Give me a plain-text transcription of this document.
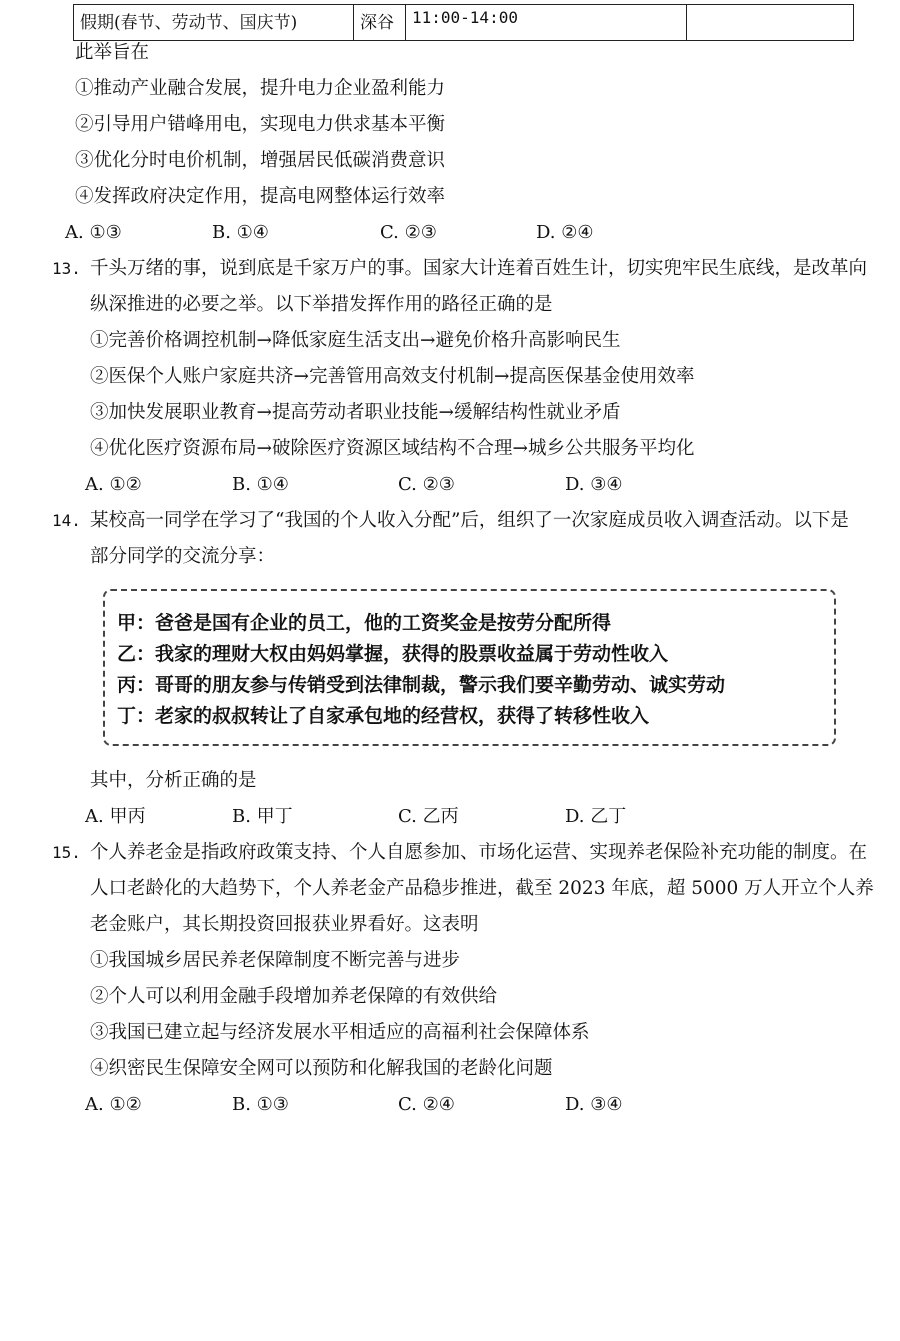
假期(春节、劳动节、国庆节)	深谷	11:00-14:00
此举旨在
①推动产业融合发展，提升电力企业盈利能力
②引导用户错峰用电，实现电力供求基本平衡
③优化分时电价机制，增强居民低碳消费意识
④发挥政府决定作用，提高电网整体运行效率
A. ①③	B. ①④	C. ②③	D. ②④
13. 千头万绪的事，说到底是千家万户的事。国家大计连着百姓生计，切实兜牢民生底线，是改革向
纵深推进的必要之举。以下举措发挥作用的路径正确的是
①完善价格调控机制→降低家庭生活支出→避免价格升高影响民生
②医保个人账户家庭共济→完善管用高效支付机制→提高医保基金使用效率
③加快发展职业教育→提高劳动者职业技能→缓解结构性就业矛盾
④优化医疗资源布局→破除医疗资源区域结构不合理→城乡公共服务平均化
A. ①②	B. ①④	C. ②③	D. ③④
14. 某校高一同学在学习了“我国的个人收入分配”后，组织了一次家庭成员收入调查活动。以下是
部分同学的交流分享：
甲：爸爸是国有企业的员工，他的工资奖金是按劳分配所得
乙：我家的理财大权由妈妈掌握，获得的股票收益属于劳动性收入
丙：哥哥的朋友参与传销受到法律制裁，警示我们要辛勤劳动、诚实劳动
丁：老家的叔叔转让了自家承包地的经营权，获得了转移性收入
其中，分析正确的是
A. 甲丙	B. 甲丁	C. 乙丙	D. 乙丁
15. 个人养老金是指政府政策支持、个人自愿参加、市场化运营、实现养老保险补充功能的制度。在
人口老龄化的大趋势下，个人养老金产品稳步推进，截至 2023 年底，超 5000 万人开立个人养
老金账户，其长期投资回报获业界看好。这表明
①我国城乡居民养老保障制度不断完善与进步
②个人可以利用金融手段增加养老保障的有效供给
③我国已建立起与经济发展水平相适应的高福利社会保障体系
④织密民生保障安全网可以预防和化解我国的老龄化问题
A. ①②	B. ①③	C. ②④	D. ③④
